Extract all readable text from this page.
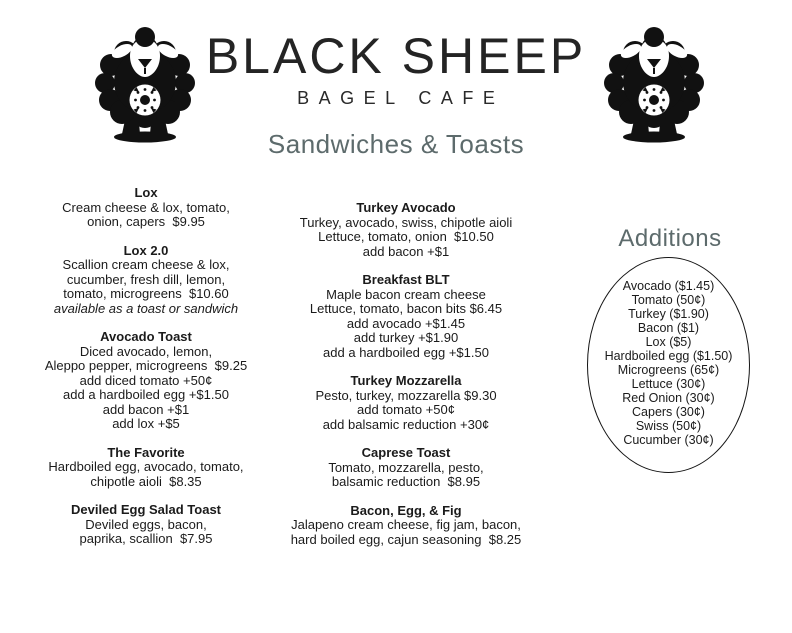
BLACK SHEEP
BAGEL CAFE
Sandwiches & Toasts
Lox
Cream cheese & lox, tomato,
onion, capers  $9.95
Lox 2.0
Scallion cream cheese & lox,
cucumber, fresh dill, lemon,
tomato, microgreens  $10.60
available as a toast or sandwich
Avocado Toast
Diced avocado, lemon,
Aleppo pepper, microgreens  $9.25
add diced tomato +50¢
add a hardboiled egg +$1.50
add bacon +$1
add lox +$5
The Favorite
Hardboiled egg, avocado, tomato,
chipotle aioli  $8.35
Deviled Egg Salad Toast
Deviled eggs, bacon,
paprika, scallion  $7.95
Turkey Avocado
Turkey, avocado, swiss, chipotle aioli
Lettuce, tomato, onion  $10.50
add bacon +$1
Breakfast BLT
Maple bacon cream cheese
Lettuce, tomato, bacon bits $6.45
add avocado +$1.45
add turkey +$1.90
add a hardboiled egg +$1.50
Turkey Mozzarella
Pesto, turkey, mozzarella $9.30
add tomato +50¢
add balsamic reduction +30¢
Caprese Toast
Tomato, mozzarella, pesto,
balsamic reduction  $8.95
Bacon, Egg, & Fig
Jalapeno cream cheese, fig jam, bacon,
hard boiled egg, cajun seasoning  $8.25
Additions
Avocado ($1.45)
Tomato (50¢)
Turkey ($1.90)
Bacon ($1)
Lox ($5)
Hardboiled egg ($1.50)
Microgreens (65¢)
Lettuce (30¢)
Red Onion (30¢)
Capers (30¢)
Swiss (50¢)
Cucumber (30¢)
